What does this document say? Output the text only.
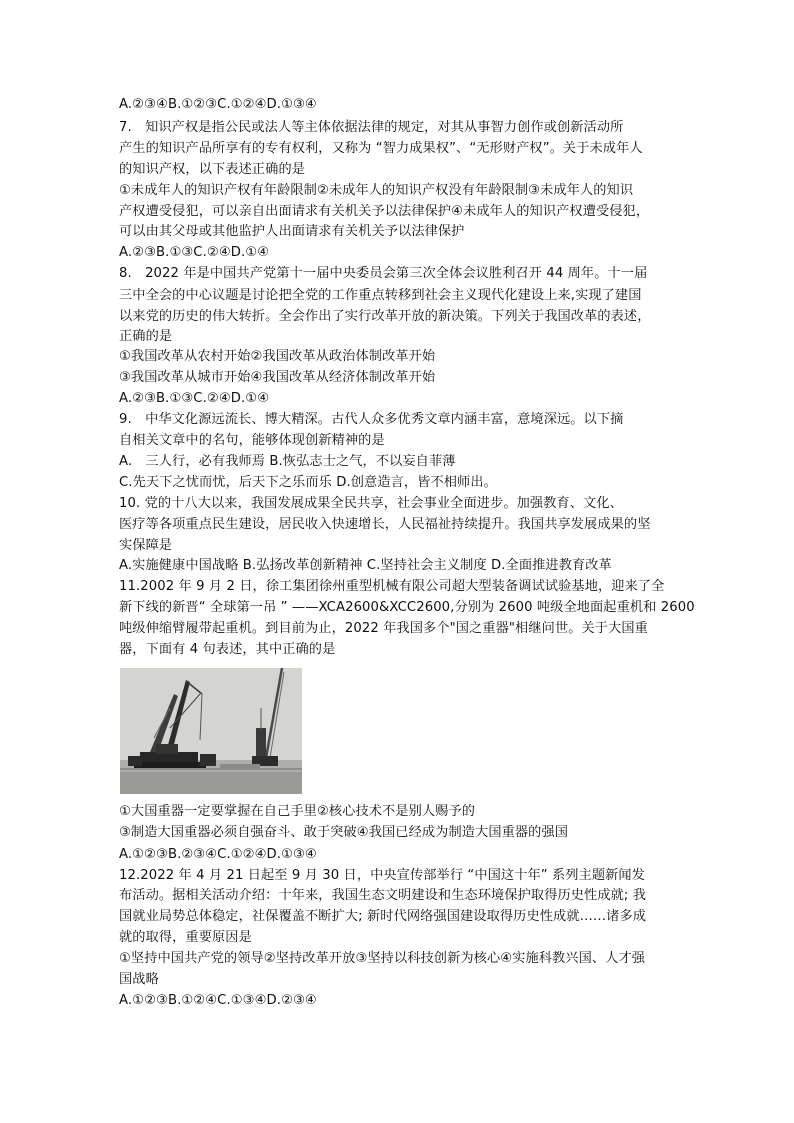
A.②③④B.①②③C.①②④D.①③④
7.　知识产权是指公民或法人等主体依据法律的规定，对其从事智力创作或创新活动所
产生的知识产品所享有的专有权利，又称为 “智力成果权”、“无形财产权”。关于未成年人
的知识产权，以下表述正确的是
①未成年人的知识产权有年龄限制②未成年人的知识产权没有年龄限制③未成年人的知识
产权遭受侵犯，可以亲自出面请求有关机关予以法律保护④未成年人的知识产权遭受侵犯，
可以由其父母或其他监护人出面请求有关机关予以法律保护
A.②③B.①③C.②④D.①④
8.　2022 年是中国共产党第十一届中央委员会第三次全体会议胜利召开 44 周年。十一届
三中全会的中心议题是讨论把全党的工作重点转移到社会主义现代化建设上来,实现了建国
以来党的历史的伟大转折。全会作出了实行改革开放的新决策。下列关于我国改革的表述，
正确的是
①我国改革从农村开始②我国改革从政治体制改革开始
③我国改革从城市开始④我国改革从经济体制改革开始
A.②③B.①③C.②④D.①④
9.　中华文化源远流长、博大精深。古代人众多优秀文章内涵丰富，意境深远。以下摘
自相关文章中的名句，能够体现创新精神的是
A.　三人行，必有我师焉 B.恢弘志士之气，不以妄自菲薄
C.先天下之忧而忧，后天下之乐而乐 D.创意造言，皆不相师出。
10. 党的十八大以来，我国发展成果全民共享，社会事业全面进步。加强教育、文化、
医疗等各项重点民生建设，居民收入快速增长，人民福祉持续提升。我国共享发展成果的坚
实保障是
A.实施健康中国战略 B.弘扬改革创新精神 C.坚持社会主义制度 D.全面推进教育改革
11.2002 年 9 月 2 日，徐工集团徐州重型机械有限公司超大型装备调试试验基地，迎来了全
新下线的新晋“ 全球第一吊 ” ——XCA2600&XCC2600,分别为 2600 吨级全地面起重机和 2600
吨级伸缩臂履带起重机。到目前为止，2022 年我国多个"国之重器"相继问世。关于大国重
器，下面有 4 句表述，其中正确的是
①大国重器一定要掌握在自己手里②核心技术不是别人赐予的
③制造大国重器必须自强奋斗、敢于突破④我国已经成为制造大国重器的强国
A.①②③B.②③④C.①②④D.①③④
12.2022 年 4 月 21 日起至 9 月 30 日，中央宣传部举行 “中国这十年” 系列主题新闻发
布活动。据相关活动介绍：十年来，我国生态文明建设和生态环境保护取得历史性成就; 我
国就业局势总体稳定，社保覆盖不断扩大; 新时代网络强国建设取得历史性成就……诸多成
就的取得，重要原因是
①坚持中国共产党的领导②坚持改革开放③坚持以科技创新为核心④实施科教兴国、人才强
国战略
A.①②③B.①②④C.①③④D.②③④
